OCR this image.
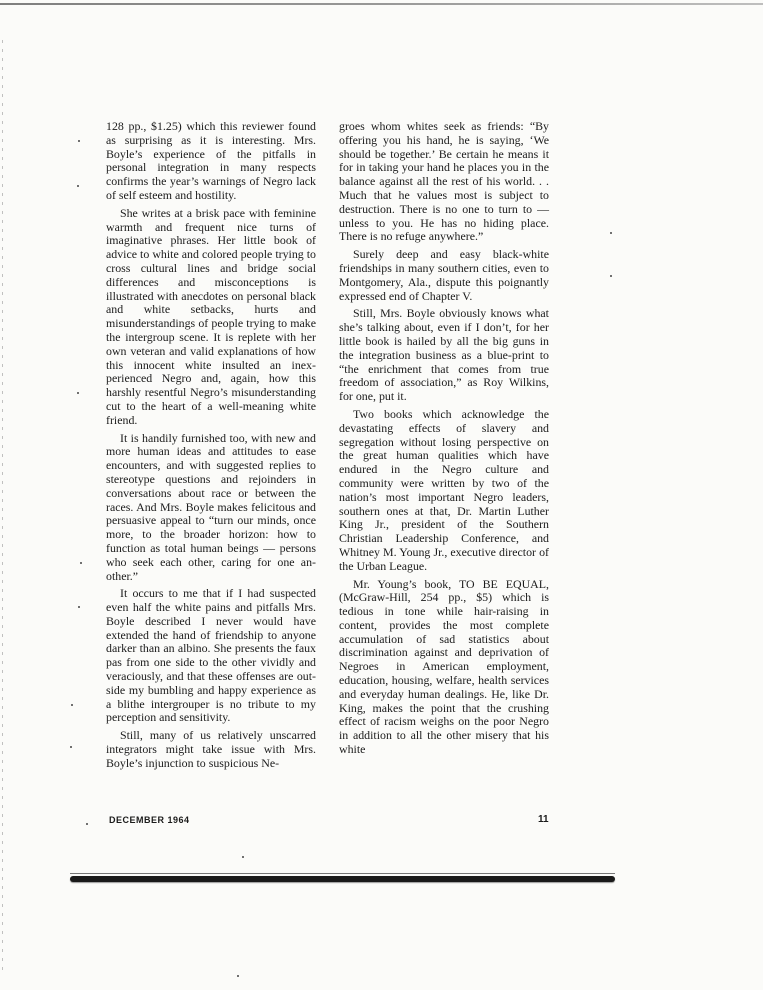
128 pp., $1.25) which this reviewer found as surprising as it is interesting. Mrs. Boyle’s experience of the pitfalls in personal integration in many respects confirms the year’s warnings of Negro lack of self esteem and hostility.

She writes at a brisk pace with feminine warmth and frequent nice turns of imaginative phrases. Her little book of advice to white and colored people trying to cross cultural lines and bridge social differences and misconceptions is illustrated with anecdotes on personal black and white setbacks, hurts and misunderstandings of people trying to make the intergroup scene. It is replete with her own veteran and valid explanations of how this innocent white insulted an inexperienced Negro and, again, how this harshly resentful Negro’s misunderstanding cut to the heart of a well-meaning white friend.

It is handily furnished too, with new and more human ideas and attitudes to ease encounters, and with suggested replies to stereotype questions and rejoinders in conversations about race or between the races. And Mrs. Boyle makes felicitous and persuasive appeal to “turn our minds, once more, to the broader horizon: how to function as total human beings — persons who seek each other, caring for one another.”

It occurs to me that if I had suspected even half the white pains and pitfalls Mrs. Boyle described I never would have extended the hand of friendship to anyone darker than an albino. She presents the faux pas from one side to the other vividly and veraciously, and that these offenses are outside my bumbling and happy experience as a blithe intergrouper is no tribute to my perception and sensitivity.

Still, many of us relatively unscarred integrators might take issue with Mrs. Boyle’s injunction to suspicious Ne-

groes whom whites seek as friends: “By offering you his hand, he is saying, ‘We should be together.’ Be certain he means it for in taking your hand he places you in the balance against all the rest of his world. . . Much that he values most is subject to destruction. There is no one to turn to —unless to you. He has no hiding place. There is no refuge anywhere.”

Surely deep and easy black-white friendships in many southern cities, even to Montgomery, Ala., dispute this poignantly expressed end of Chapter V.

Still, Mrs. Boyle obviously knows what she’s talking about, even if I don’t, for her little book is hailed by all the big guns in the integration business as a blue-print to “the enrichment that comes from true freedom of association,” as Roy Wilkins, for one, put it.

Two books which acknowledge the devastating effects of slavery and segregation without losing perspective on the great human qualities which have endured in the Negro culture and community were written by two of the nation’s most important Negro leaders, southern ones at that, Dr. Martin Luther King Jr., president of the Southern Christian Leadership Conference, and Whitney M. Young Jr., executive director of the Urban League.

Mr. Young’s book, TO BE EQUAL, (McGraw-Hill, 254 pp., $5) which is tedious in tone while hair-raising in content, provides the most complete accumulation of sad statistics about discrimination against and deprivation of Negroes in American employment, education, housing, welfare, health services and everyday human dealings. He, like Dr. King, makes the point that the crushing effect of racism weighs on the poor Negro in addition to all the other misery that his white

DECEMBER 1964	11
